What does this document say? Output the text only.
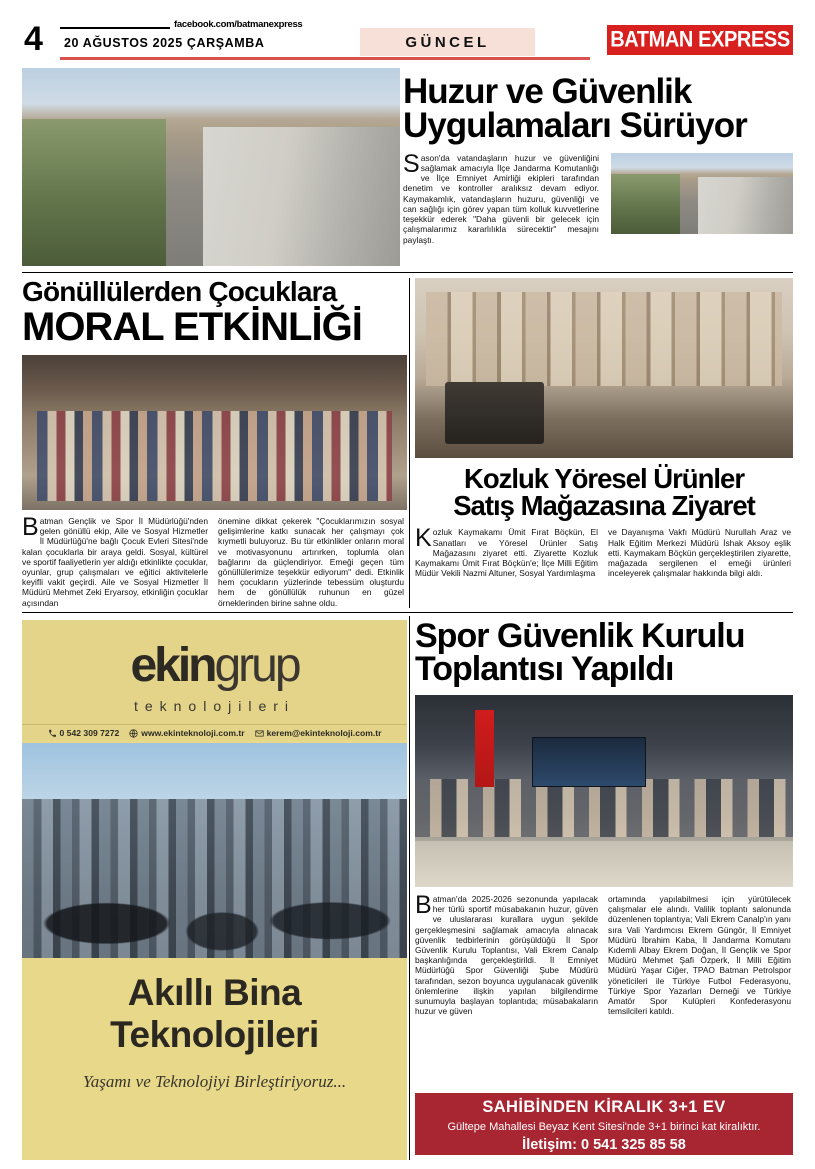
4	facebook.com/batmanexpress
20 AĞUSTOS 2025 ÇARŞAMBA	GÜNCEL	BATMAN EXPRESS
Huzur ve Güvenlik
Uygulamaları Sürüyor
Sason'da vatandaşların huzur ve güvenliğini sağlamak amacıyla İlçe Jandarma Komutanlığı ve İlçe Emniyet Amirliği ekipleri tarafından denetim ve kontroller aralıksız devam ediyor. Kaymakamlık, vatandaşların huzuru, güvenliği ve can sağlığı için görev yapan tüm kolluk kuvvetlerine teşekkür ederek "Daha güvenli bir gelecek için çalışmalarımız kararlılıkla sürecektir" mesajını paylaştı.
Gönüllülerden Çocuklara
MORAL ETKİNLİĞİ
Batman Gençlik ve Spor İl Müdürlüğü'nden gelen gönüllü ekip, Aile ve Sosyal Hizmetler İl Müdürlüğü'ne bağlı Çocuk Evleri Sitesi'nde kalan çocuklarla bir araya geldi. Sosyal, kültürel ve sportif faaliyetlerin yer aldığı etkinlikte çocuklar, oyunlar, grup çalışmaları ve eğitici aktivitelerle keyifli vakit geçirdi. Aile ve Sosyal Hizmetler İl Müdürü Mehmet Zeki Eryarsoy, etkinliğin çocuklar açısından
önemine dikkat çekerek "Çocuklarımızın sosyal gelişimlerine katkı sunacak her çalışmayı çok kıymetli buluyoruz. Bu tür etkinlikler onların moral ve motivasyonunu artırırken, toplumla olan bağlarını da güçlendiriyor. Emeği geçen tüm gönüllülerimize teşekkür ediyorum" dedi. Etkinlik hem çocukların yüzlerinde tebessüm oluşturdu hem de gönüllülük ruhunun en güzel örneklerinden birine sahne oldu.
Kozluk Yöresel Ürünler
Satış Mağazasına Ziyaret
Kozluk Kaymakamı Ümit Fırat Böçkün, El Sanatları ve Yöresel Ürünler Satış Mağazasını ziyaret etti. Ziyarette Kozluk Kaymakamı Ümit Fırat Böçkün'e; İlçe Milli Eğitim Müdür Vekili Nazmi Altuner, Sosyal Yardımlaşma
ve Dayanışma Vakfı Müdürü Nurullah Araz ve Halk Eğitim Merkezi Müdürü İshak Aksoy eşlik etti. Kaymakam Böçkün gerçekleştirilen ziyarette, mağazada sergilenen el emeği ürünleri inceleyerek çalışmalar hakkında bilgi aldı.
ekingrup
teknolojileri
0 542 309 7272	www.ekinteknoloji.com.tr	kerem@ekinteknoloji.com.tr
Akıllı Bina
Teknolojileri
Yaşamı ve Teknolojiyi Birleştiriyoruz...
Spor Güvenlik Kurulu
Toplantısı Yapıldı
Batman'da 2025-2026 sezonunda yapılacak her türlü sportif müsabakanın huzur, güven ve uluslararası kurallara uygun şekilde gerçekleşmesini sağlamak amacıyla alınacak güvenlik tedbirlerinin görüşüldüğü İl Spor Güvenlik Kurulu Toplantısı, Vali Ekrem Canalp başkanlığında gerçekleştirildi. İl Emniyet Müdürlüğü Spor Güvenliği Şube Müdürü tarafından, sezon boyunca uygulanacak güvenlik önlemlerine ilişkin yapılan bilgilendirme sunumuyla başlayan toplantıda; müsabakaların huzur ve güven
ortamında yapılabilmesi için yürütülecek çalışmalar ele alındı. Valilik toplantı salonunda düzenlenen toplantıya; Vali Ekrem Canalp'ın yanı sıra Vali Yardımcısı Ekrem Güngör, İl Emniyet Müdürü İbrahim Kaba, İl Jandarma Komutanı Kıdemli Albay Ekrem Doğan, İl Gençlik ve Spor Müdürü Mehmet Şafi Özperk, İl Milli Eğitim Müdürü Yaşar Ciğer, TPAO Batman Petrolspor yöneticileri ile Türkiye Futbol Federasyonu, Türkiye Spor Yazarları Derneği ve Türkiye Amatör Spor Kulüpleri Konfederasyonu temsilcileri katıldı.
SAHİBİNDEN KİRALIK 3+1 EV
Gültepe Mahallesi Beyaz Kent Sitesi'nde 3+1 birinci kat kiralıktır.
İletişim: 0 541 325 85 58
